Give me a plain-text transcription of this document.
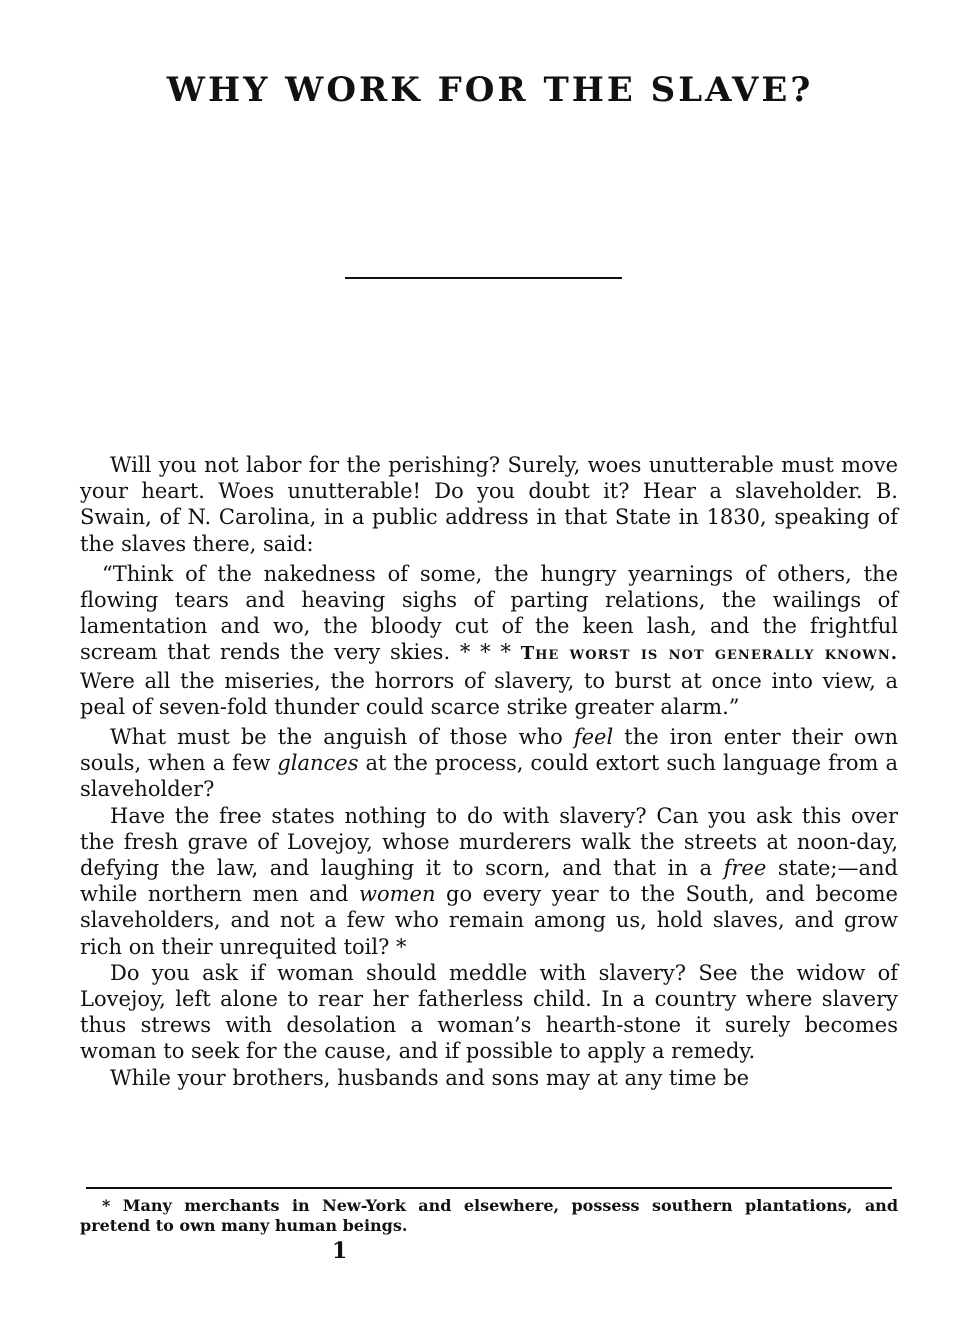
WHY WORK FOR THE SLAVE?

Will you not labor for the perishing? Surely, woes unutterable must move your heart. Woes unutterable! Do you doubt it? Hear a slaveholder. B. Swain, of N. Carolina, in a public address in that State in 1830, speaking of the slaves there, said:

“Think of the nakedness of some, the hungry yearnings of others, the flowing tears and heaving sighs of parting relations, the wailings of lamentation and wo, the bloody cut of the keen lash, and the frightful scream that rends the very skies. * * * The worst is not generally known. Were all the miseries, the horrors of slavery, to burst at once into view, a peal of seven-fold thunder could scarce strike greater alarm.”

What must be the anguish of those who feel the iron enter their own souls, when a few glances at the process, could extort such language from a slaveholder?

Have the free states nothing to do with slavery? Can you ask this over the fresh grave of Lovejoy, whose murderers walk the streets at noon-day, defying the law, and laughing it to scorn, and that in a free state;—and while northern men and women go every year to the South, and become slaveholders, and not a few who remain among us, hold slaves, and grow rich on their unrequited toil? *

Do you ask if woman should meddle with slavery? See the widow of Lovejoy, left alone to rear her fatherless child. In a country where slavery thus strews with desolation a woman’s hearth-stone it surely becomes woman to seek for the cause, and if possible to apply a remedy.

While your brothers, husbands and sons may at any time be

* Many merchants in New-York and elsewhere, possess southern plantations, and pretend to own many human beings.

1
